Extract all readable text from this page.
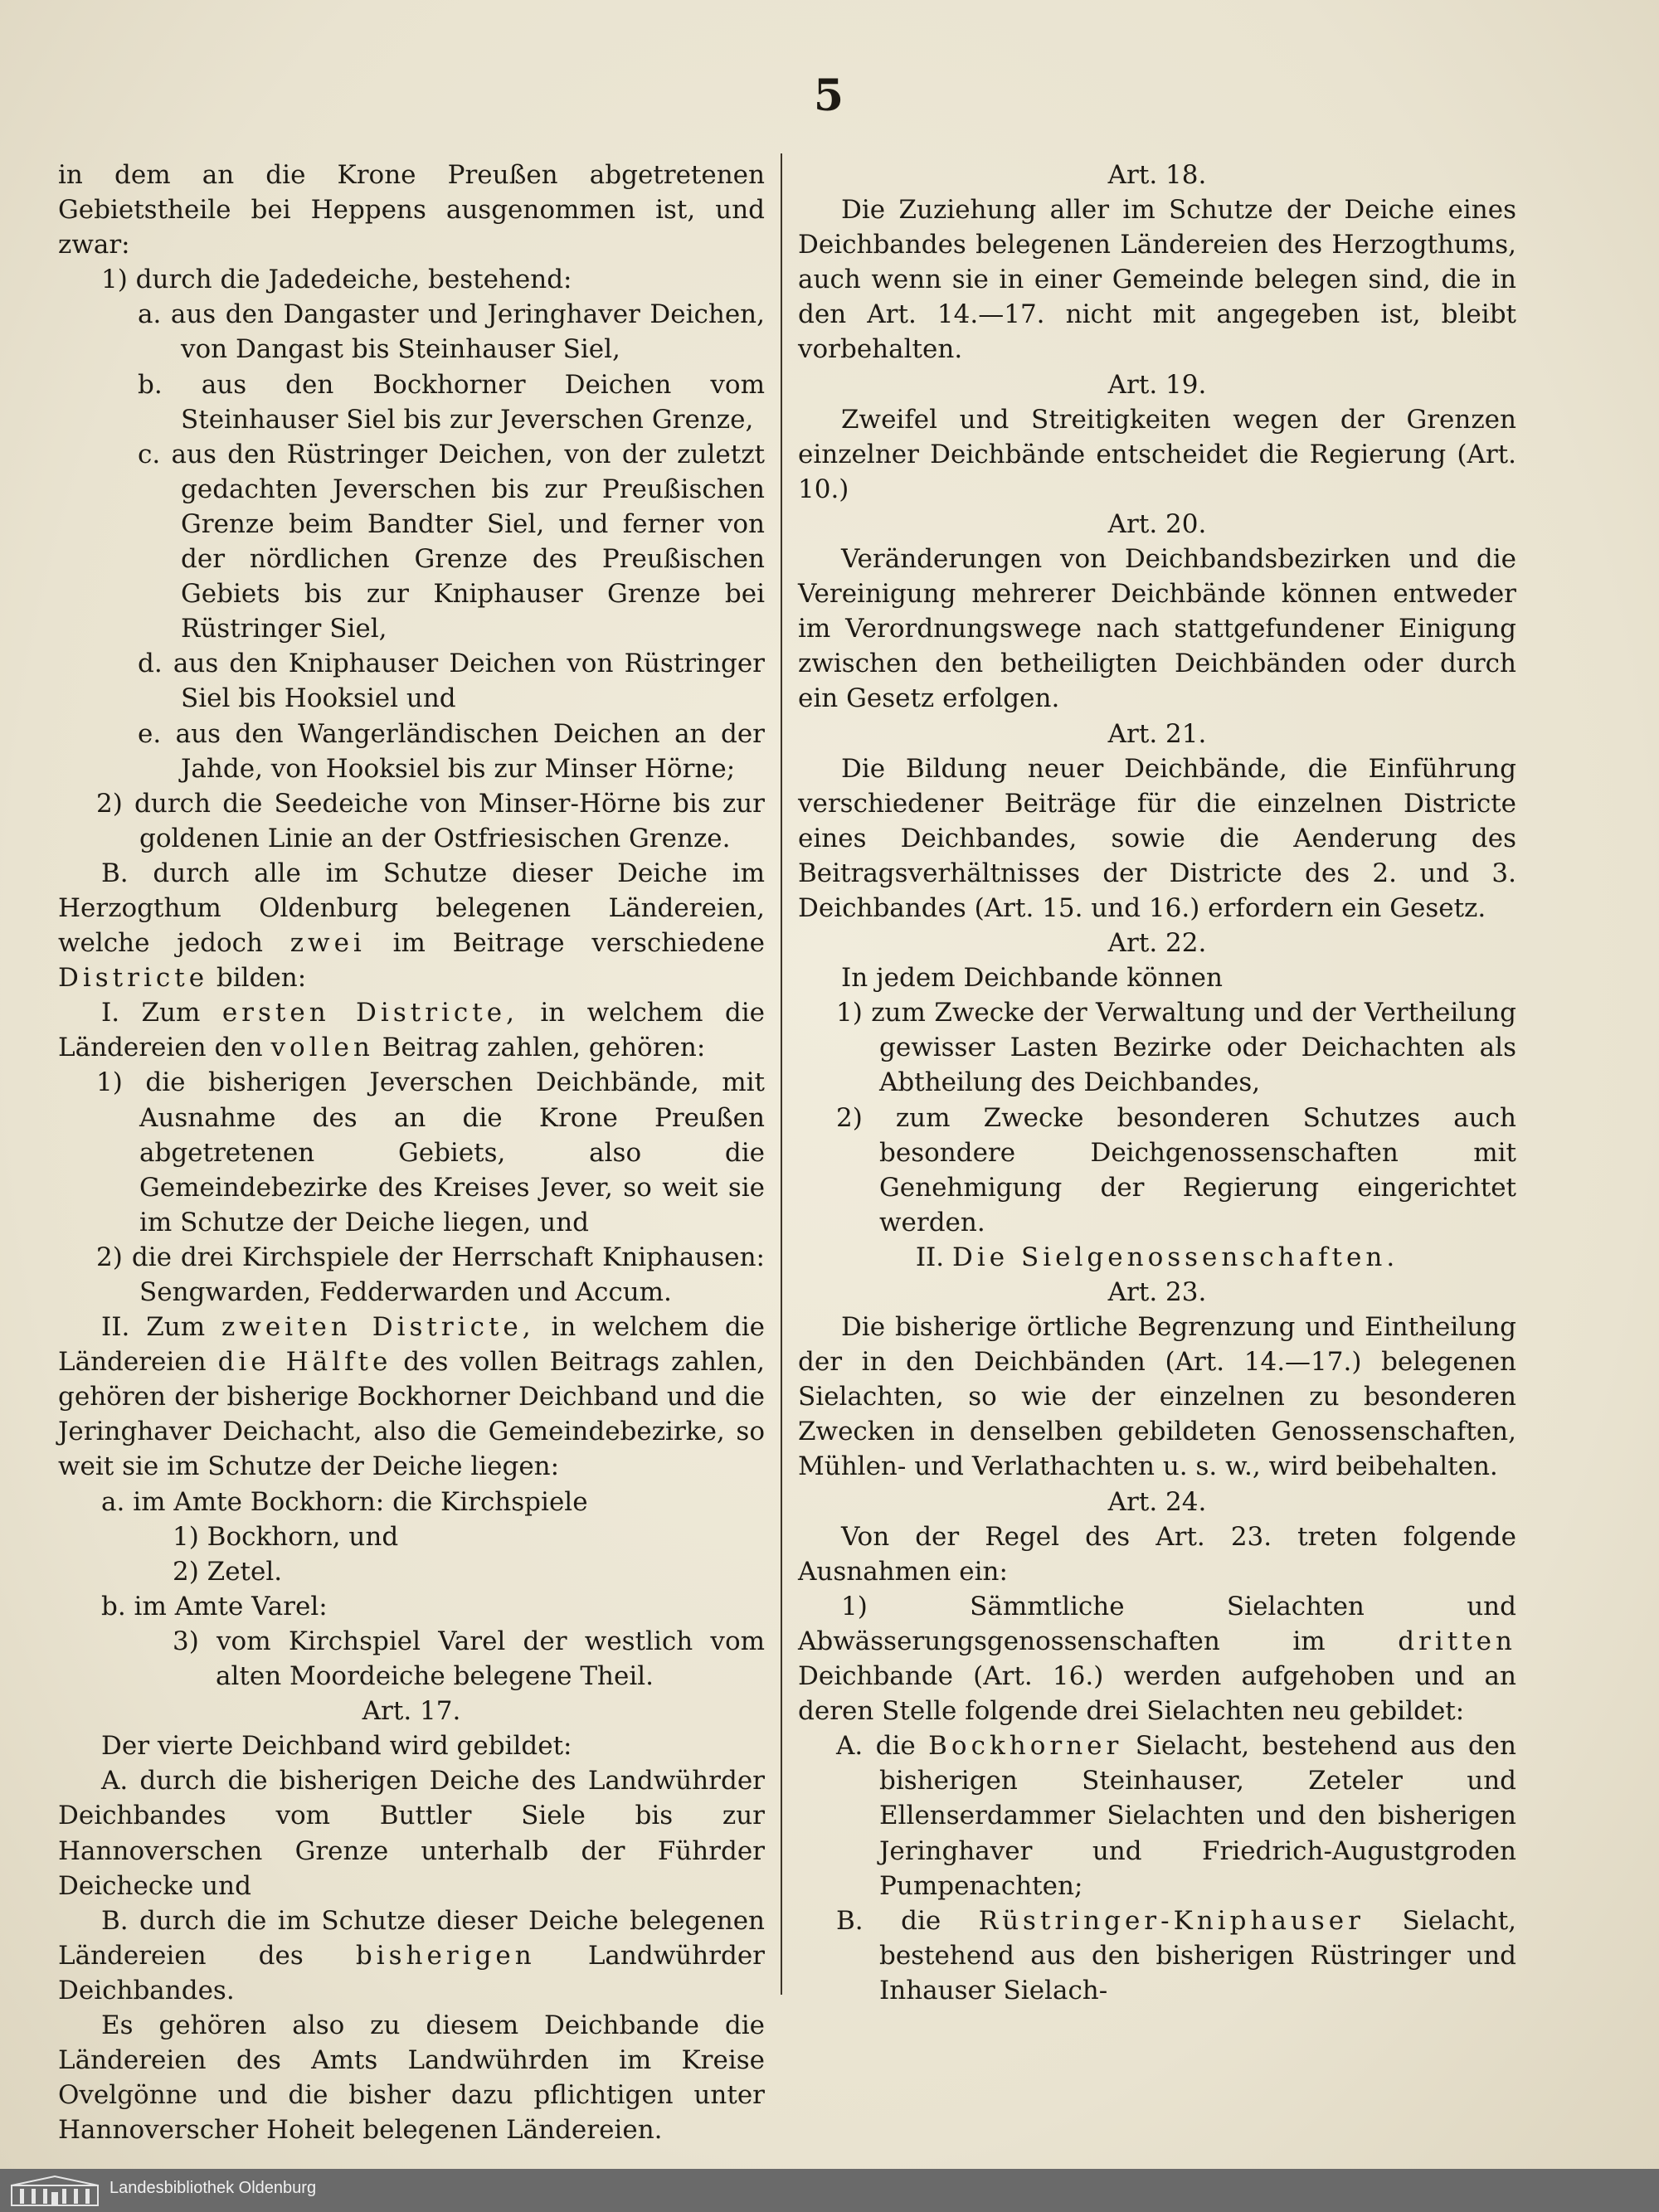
5

in dem an die Krone Preußen abgetretenen Gebietstheile bei Heppens ausgenommen ist, und zwar:

1) durch die Jadedeiche, bestehend:

a. aus den Dangaster und Jeringhaver Deichen, von Dangast bis Steinhauser Siel,

b. aus den Bockhorner Deichen vom Steinhauser Siel bis zur Jeverschen Grenze,

c. aus den Rüstringer Deichen, von der zuletzt gedachten Jeverschen bis zur Preußischen Grenze beim Bandter Siel, und ferner von der nördlichen Grenze des Preußischen Gebiets bis zur Kniphauser Grenze bei Rüstringer Siel,

d. aus den Kniphauser Deichen von Rüstringer Siel bis Hooksiel und

e. aus den Wangerländischen Deichen an der Jahde, von Hooksiel bis zur Minser Hörne;

2) durch die Seedeiche von Minser-Hörne bis zur goldenen Linie an der Ostfriesischen Grenze.

B. durch alle im Schutze dieser Deiche im Herzogthum Oldenburg belegenen Ländereien, welche jedoch zwei im Beitrage verschiedene Districte bilden:

I. Zum ersten Districte, in welchem die Ländereien den vollen Beitrag zahlen, gehören:

1) die bisherigen Jeverschen Deichbände, mit Ausnahme des an die Krone Preußen abgetretenen Gebiets, also die Gemeindebezirke des Kreises Jever, so weit sie im Schutze der Deiche liegen, und

2) die drei Kirchspiele der Herrschaft Kniphausen: Sengwarden, Fedderwarden und Accum.

II. Zum zweiten Districte, in welchem die Ländereien die Hälfte des vollen Beitrags zahlen, gehören der bisherige Bockhorner Deichband und die Jeringhaver Deichacht, also die Gemeindebezirke, so weit sie im Schutze der Deiche liegen:

a. im Amte Bockhorn: die Kirchspiele

1) Bockhorn, und

2) Zetel.

b. im Amte Varel:

3) vom Kirchspiel Varel der westlich vom alten Moordeiche belegene Theil.

Art. 17.

Der vierte Deichband wird gebildet:

A. durch die bisherigen Deiche des Landwührder Deichbandes vom Buttler Siele bis zur Hannoverschen Grenze unterhalb der Führder Deichecke und

B. durch die im Schutze dieser Deiche belegenen Ländereien des bisherigen Landwührder Deichbandes.

Es gehören also zu diesem Deichbande die Ländereien des Amts Landwührden im Kreise Ovelgönne und die bisher dazu pflichtigen unter Hannoverscher Hoheit belegenen Ländereien.

Art. 18.

Die Zuziehung aller im Schutze der Deiche eines Deichbandes belegenen Ländereien des Herzogthums, auch wenn sie in einer Gemeinde belegen sind, die in den Art. 14.—17. nicht mit angegeben ist, bleibt vorbehalten.

Art. 19.

Zweifel und Streitigkeiten wegen der Grenzen einzelner Deichbände entscheidet die Regierung (Art. 10.)

Art. 20.

Veränderungen von Deichbandsbezirken und die Vereinigung mehrerer Deichbände können entweder im Verordnungswege nach stattgefundener Einigung zwischen den betheiligten Deichbänden oder durch ein Gesetz erfolgen.

Art. 21.

Die Bildung neuer Deichbände, die Einführung verschiedener Beiträge für die einzelnen Districte eines Deichbandes, sowie die Aenderung des Beitragsverhältnisses der Districte des 2. und 3. Deichbandes (Art. 15. und 16.) erfordern ein Gesetz.

Art. 22.

In jedem Deichbande können

1) zum Zwecke der Verwaltung und der Vertheilung gewisser Lasten Bezirke oder Deichachten als Abtheilung des Deichbandes,

2) zum Zwecke besonderen Schutzes auch besondere Deichgenossenschaften mit Genehmigung der Regierung eingerichtet werden.

II. Die Sielgenossenschaften.

Art. 23.

Die bisherige örtliche Begrenzung und Eintheilung der in den Deichbänden (Art. 14.—17.) belegenen Sielachten, so wie der einzelnen zu besonderen Zwecken in denselben gebildeten Genossenschaften, Mühlen- und Verlathachten u. s. w., wird beibehalten.

Art. 24.

Von der Regel des Art. 23. treten folgende Ausnahmen ein:

1) Sämmtliche Sielachten und Abwässerungsgenossenschaften im	dritten Deichbande (Art. 16.) werden aufgehoben und an deren Stelle folgende drei Sielachten neu gebildet:

A. die Bockhorner Sielacht, bestehend aus den bisherigen Steinhauser, Zeteler und Ellenserdammer Sielachten und den bisherigen Jeringhaver und Friedrich-Augustgroden Pumpenachten;

B. die Rüstringer-Kniphauser Sielacht, bestehend aus den bisherigen Rüstringer und Inhauser Sielach-

Landesbibliothek Oldenburg
